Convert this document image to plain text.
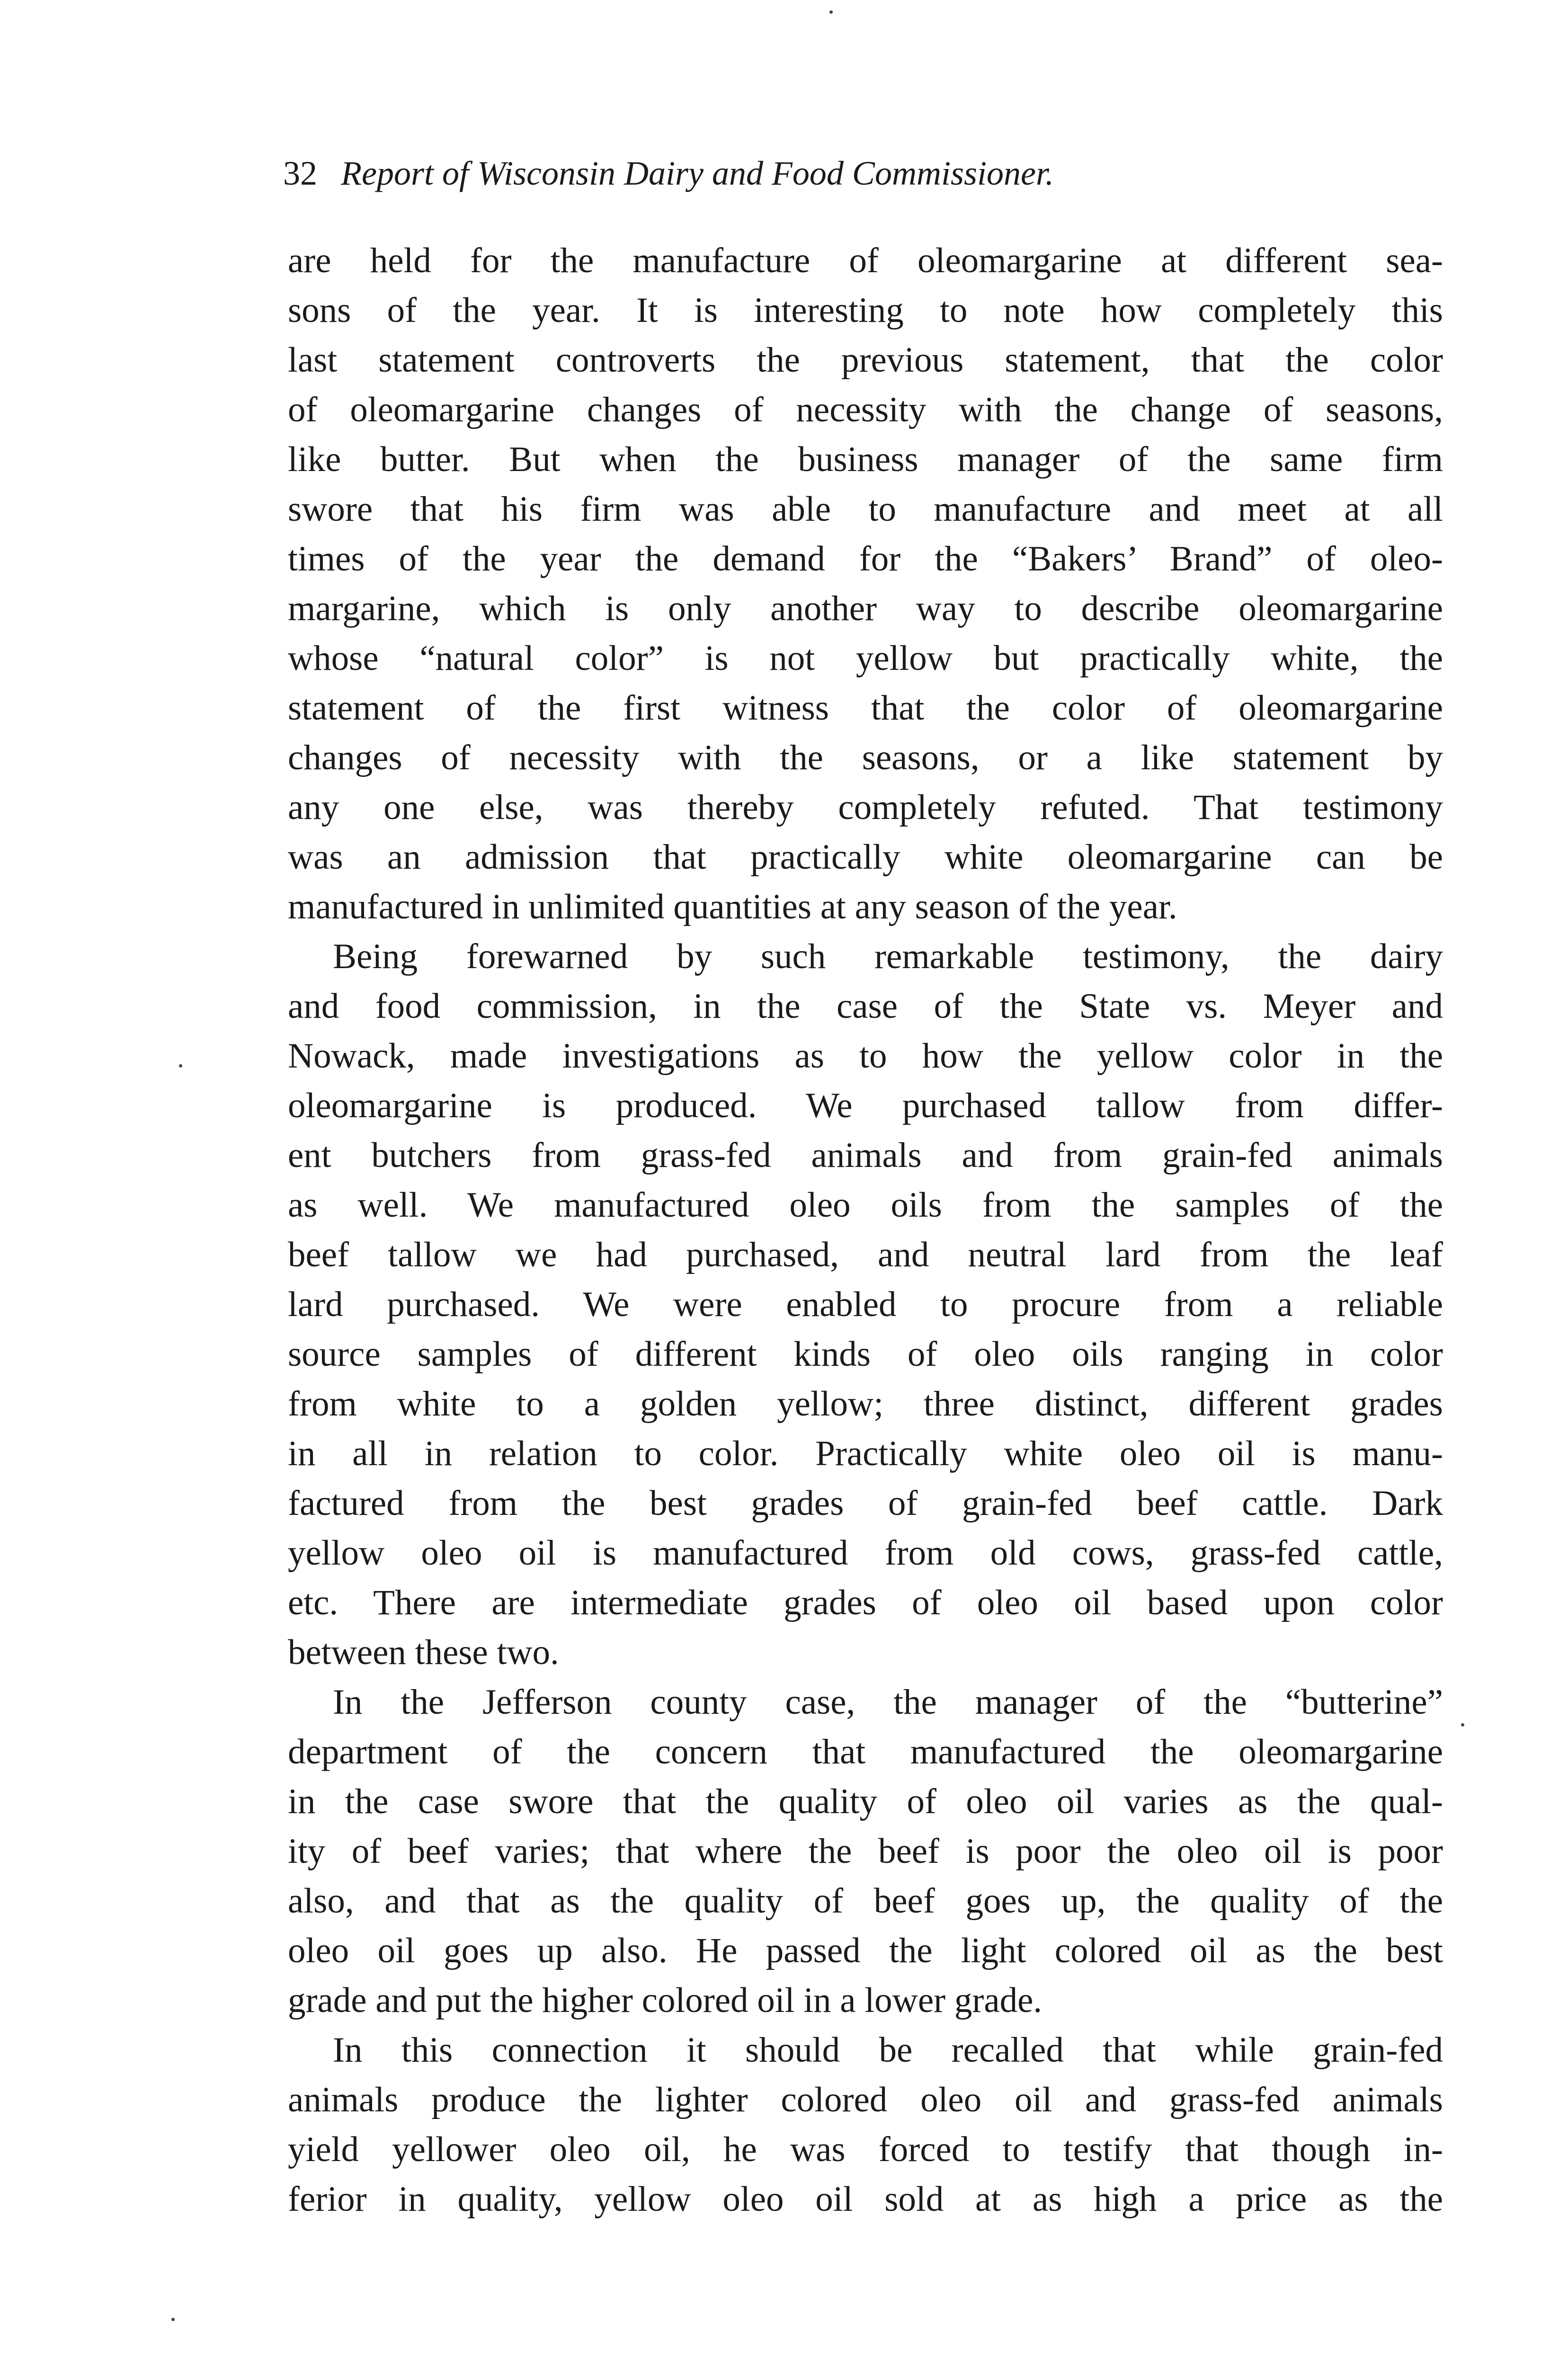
32 Report of Wisconsin Dairy and Food Commissioner.
are held for the manufacture of oleomargarine at different sea-
sons of the year. It is interesting to note how completely this
last statement controverts the previous statement, that the color
of oleomargarine changes of necessity with the change of seasons,
like butter. But when the business manager of the same firm
swore that his firm was able to manufacture and meet at all
times of the year the demand for the “Bakers’ Brand” of oleo-
margarine, which is only another way to describe oleomargarine
whose “natural color” is not yellow but practically white, the
statement of the first witness that the color of oleomargarine
changes of necessity with the seasons, or a like statement by
any one else, was thereby completely refuted. That testimony
was an admission that practically white oleomargarine can be
manufactured in unlimited quantities at any season of the year.
Being forewarned by such remarkable testimony, the dairy
and food commission, in the case of the State vs. Meyer and
Nowack, made investigations as to how the yellow color in the
oleomargarine is produced. We purchased tallow from differ-
ent butchers from grass-fed animals and from grain-fed animals
as well. We manufactured oleo oils from the samples of the
beef tallow we had purchased, and neutral lard from the leaf
lard purchased. We were enabled to procure from a reliable
source samples of different kinds of oleo oils ranging in color
from white to a golden yellow; three distinct, different grades
in all in relation to color. Practically white oleo oil is manu-
factured from the best grades of grain-fed beef cattle. Dark
yellow oleo oil is manufactured from old cows, grass-fed cattle,
etc. There are intermediate grades of oleo oil based upon color
between these two.
In the Jefferson county case, the manager of the “butterine”
department of the concern that manufactured the oleomargarine
in the case swore that the quality of oleo oil varies as the qual-
ity of beef varies; that where the beef is poor the oleo oil is poor
also, and that as the quality of beef goes up, the quality of the
oleo oil goes up also. He passed the light colored oil as the best
grade and put the higher colored oil in a lower grade.
In this connection it should be recalled that while grain-fed
animals produce the lighter colored oleo oil and grass-fed animals
yield yellower oleo oil, he was forced to testify that though in-
ferior in quality, yellow oleo oil sold at as high a price as the
